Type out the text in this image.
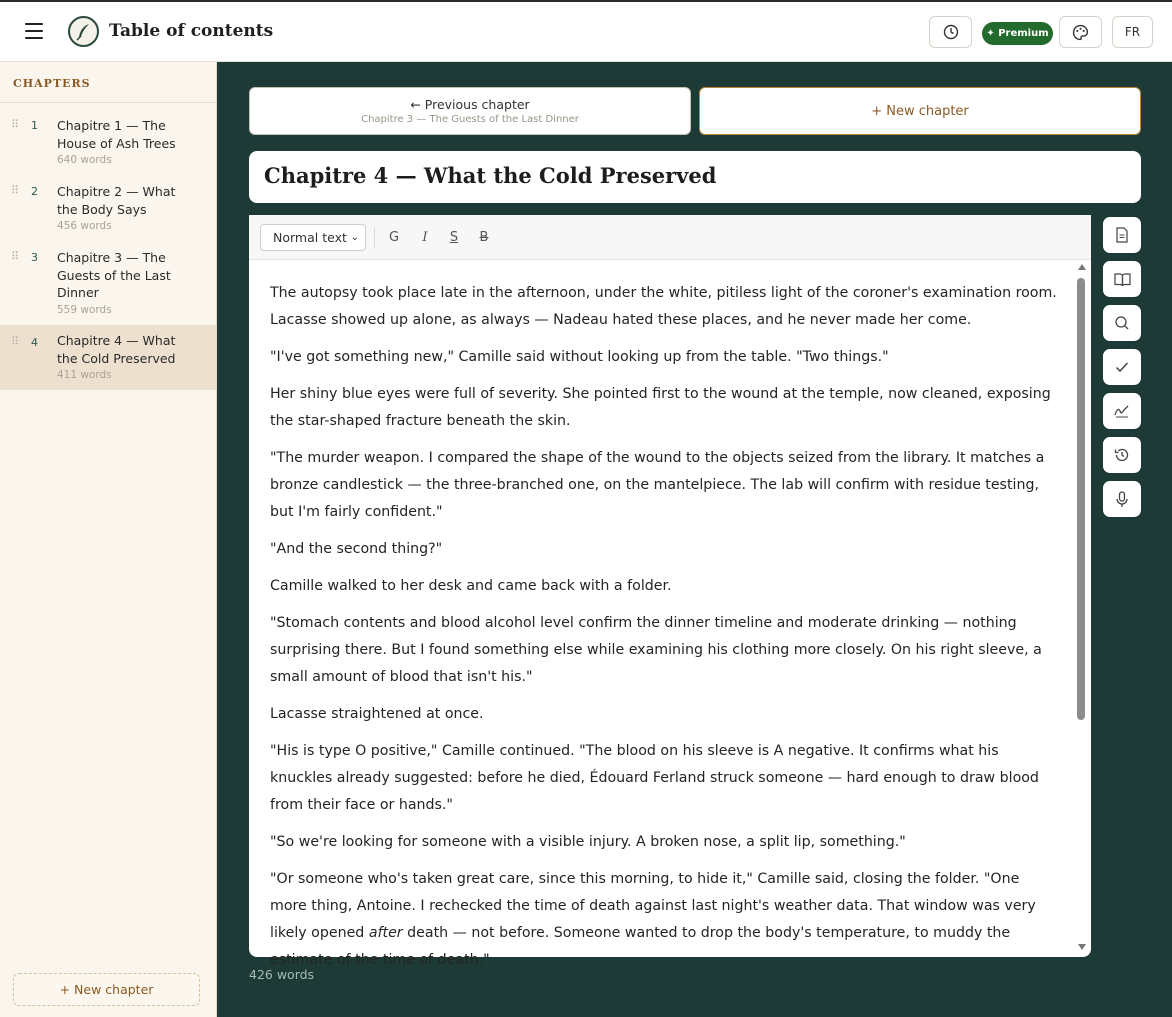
Table of contents	✦ Premium	FR
CHAPTERS
⠿ 1 Chapitre 1 — The House of Ash Trees
640 words
⠿ 2 Chapitre 2 — What the Body Says
456 words
⠿ 3 Chapitre 3 — The Guests of the Last Dinner
559 words
⠿ 4 Chapitre 4 — What the Cold Preserved
411 words
+ New chapter
← Previous chapter
Chapitre 3 — The Guests of the Last Dinner
+ New chapter
Chapitre 4 — What the Cold Preserved
Normal text ⌄	G	I	S	B

The autopsy took place late in the afternoon, under the white, pitiless light of the coroner's examination room. Lacasse showed up alone, as always — Nadeau hated these places, and he never made her come.

"I've got something new," Camille said without looking up from the table. "Two things."

Her shiny blue eyes were full of severity. She pointed first to the wound at the temple, now cleaned, exposing the star-shaped fracture beneath the skin.

"The murder weapon. I compared the shape of the wound to the objects seized from the library. It matches a bronze candlestick — the three-branched one, on the mantelpiece. The lab will confirm with residue testing, but I'm fairly confident."

"And the second thing?"

Camille walked to her desk and came back with a folder.

"Stomach contents and blood alcohol level confirm the dinner timeline and moderate drinking — nothing surprising there. But I found something else while examining his clothing more closely. On his right sleeve, a small amount of blood that isn't his."

Lacasse straightened at once.

"His is type O positive," Camille continued. "The blood on his sleeve is A negative. It confirms what his knuckles already suggested: before he died, Édouard Ferland struck someone — hard enough to draw blood from their face or hands."

"So we're looking for someone with a visible injury. A broken nose, a split lip, something."

"Or someone who's taken great care, since this morning, to hide it," Camille said, closing the folder. "One more thing, Antoine. I rechecked the time of death against last night's weather data. That window was very likely opened after death — not before. Someone wanted to drop the body's temperature, to muddy the estimate of the time of death."

426 words
